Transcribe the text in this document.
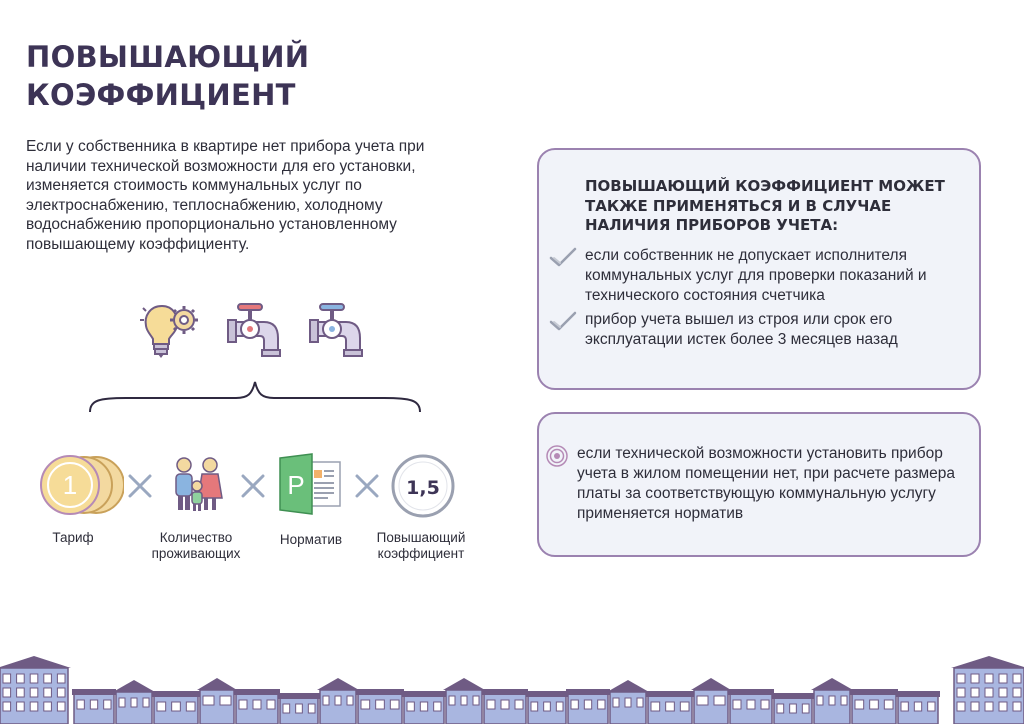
ПОВЫШАЮЩИЙ
КОЭФФИЦИЕНТ

Если у собственника в квартире нет прибора учета при наличии технической возможности для его установки, изменяется стоимость коммунальных услуг по электроснабжению, теплоснабжению, холодному водоснабжению пропорционально установленному повышающему коэффициенту.

1
Тариф	Количество проживающих
P
Норматив
1,5
Повышающий коэффициент

ПОВЫШАЮЩИЙ КОЭФФИЦИЕНТ МОЖЕТ ТАКЖЕ ПРИМЕНЯТЬСЯ И В СЛУЧАЕ НАЛИЧИЯ ПРИБОРОВ УЧЕТА:

если собственник не допускает исполнителя коммунальных услуг для проверки показаний и технического состояния счетчика
прибор учета вышел из строя или срок его эксплуатации истек более 3 месяцев назад
если технической возможности установить прибор учета в жилом помещении нет, при расчете размера платы за соответствующую коммунальную услугу применяется норматив
